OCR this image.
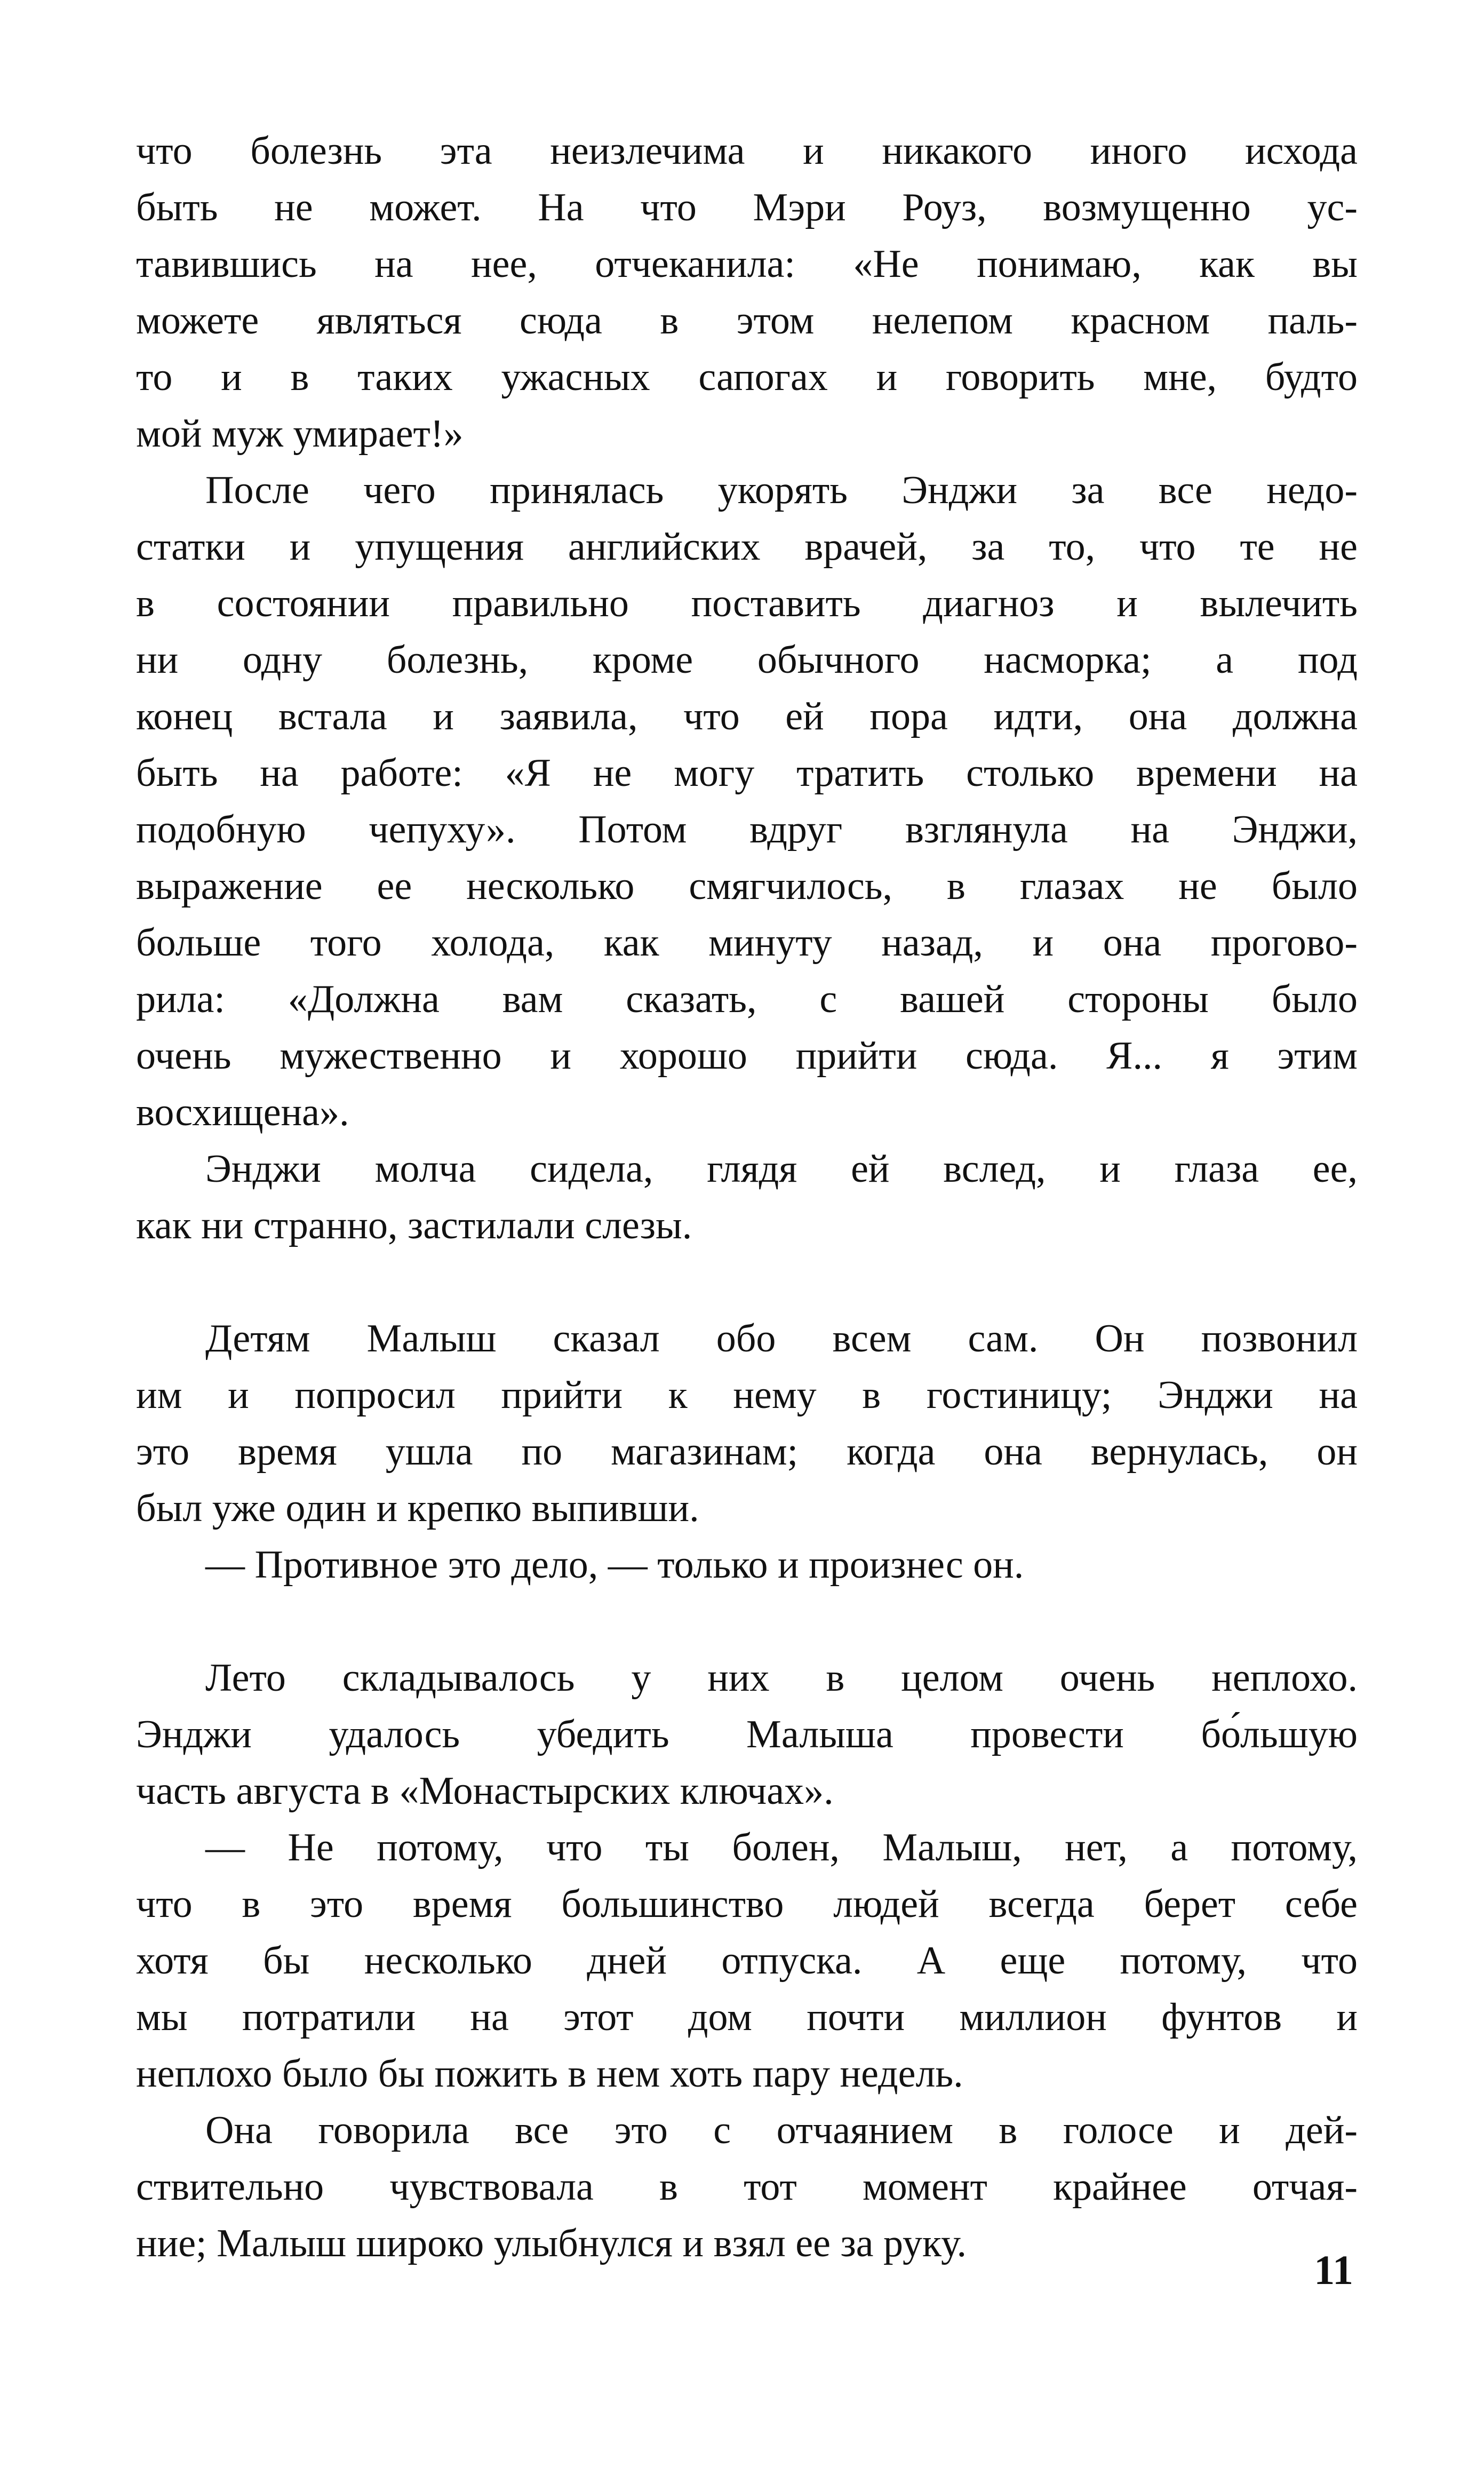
что болезнь эта неизлечима и никакого иного исхода
быть не может. На что Мэри Роуз, возмущенно ус-
тавившись на нее, отчеканила: «Не понимаю, как вы
можете являться сюда в этом нелепом красном паль-
то и в таких ужасных сапогах и говорить мне, будто
мой муж умирает!»
После чего принялась укорять Энджи за все недо-
статки и упущения английских врачей, за то, что те не
в состоянии правильно поставить диагноз и вылечить
ни одну болезнь, кроме обычного насморка; а под
конец встала и заявила, что ей пора идти, она должна
быть на работе: «Я не могу тратить столько времени на
подобную чепуху». Потом вдруг взглянула на Энджи,
выражение ее несколько смягчилось, в глазах не было
больше того холода, как минуту назад, и она прогово-
рила: «Должна вам сказать, с вашей стороны было
очень мужественно и хорошо прийти сюда. Я... я этим
восхищена».
Энджи молча сидела, глядя ей вслед, и глаза ее,
как ни странно, застилали слезы.
Детям Малыш сказал обо всем сам. Он позвонил
им и попросил прийти к нему в гостиницу; Энджи на
это время ушла по магазинам; когда она вернулась, он
был уже один и крепко выпивши.
— Противное это дело, — только и произнес он.
Лето складывалось у них в целом очень неплохо.
Энджи удалось убедить Малыша провести бо́льшую
часть августа в «Монастырских ключах».
— Не потому, что ты болен, Малыш, нет, а потому,
что в это время большинство людей всегда берет себе
хотя бы несколько дней отпуска. А еще потому, что
мы потратили на этот дом почти миллион фунтов и
неплохо было бы пожить в нем хоть пару недель.
Она говорила все это с отчаянием в голосе и дей-
ствительно чувствовала в тот момент крайнее отчая-
ние; Малыш широко улыбнулся и взял ее за руку.
11
